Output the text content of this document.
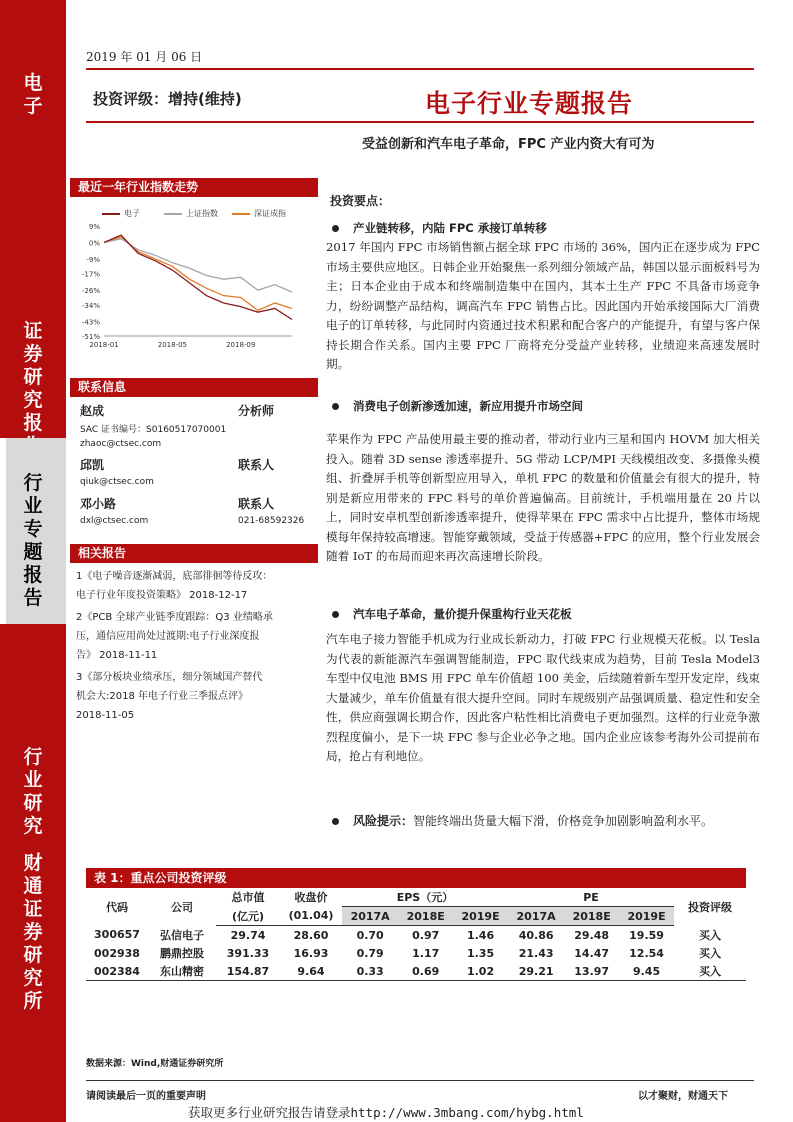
电
子
证
券
研
究
报
行
业
专
题
报
告
行
业
研
究
财
通
证
券
研
究
所
2019 年 01 月 06 日
投资评级：增持(维持)	电子行业专题报告
受益创新和汽车电子革命，FPC 产业内资大有可为
最近一年行业指数走势
电子	上证指数	深证成指
9%
0%
-9%
-17%
-26%
-34%
-43%
-51%
2018-01	2018-05	2018-09
联系信息
赵成	分析师
SAC 证书编号：S0160517070001
zhaoc@ctsec.com
邱凯	联系人
qiuk@ctsec.com
邓小路	联系人
dxl@ctsec.com	021-68592326
相关报告
1《电子噪音逐渐减弱，底部徘徊等待反攻：
电子行业年度投资策略》 2018-12-17
2《PCB 全球产业链季度跟踪：Q3 业绩略承
压，通信应用尚处过渡期:电子行业深度报
告》 2018-11-11
3《部分板块业绩承压，细分领域国产替代
机会大:2018 年电子行业三季报点评》
2018-11-05
投资要点：
产业链转移，内陆 FPC 承接订单转移
2017 年国内 FPC 市场销售额占据全球 FPC 市场的 36%，国内正在逐步成为 FPC 市场主要供应地区。日韩企业开始聚焦一系列细分领域产品，韩国以显示面板料号为主；日本企业由于成本和终端制造集中在国内，其本土生产 FPC 不具备市场竞争力，纷纷调整产品结构，调高汽车 FPC 销售占比。因此国内开始承接国际大厂消费电子的订单转移，与此同时内资通过技术积累和配合客户的产能提升，有望与客户保持长期合作关系。国内主要 FPC 厂商将充分受益产业转移，业绩迎来高速发展时期。
消费电子创新渗透加速，新应用提升市场空间
苹果作为 FPC 产品使用最主要的推动者，带动行业内三星和国内 HOVM 加大相关投入。随着 3D sense 渗透率提升、5G 带动 LCP/MPI 天线模组改变、多摄像头模组、折叠屏手机等创新型应用导入，单机 FPC 的数量和价值量会有很大的提升，特别是新应用带来的 FPC 料号的单价普遍偏高。目前统计，手机端用量在 20 片以上，同时安卓机型创新渗透率提升，使得苹果在 FPC 需求中占比提升，整体市场规模每年保持较高增速。智能穿戴领域，受益于传感器+FPC 的应用，整个行业发展会随着 IoT 的布局而迎来再次高速增长阶段。
汽车电子革命，量价提升保重构行业天花板
汽车电子接力智能手机成为行业成长新动力，打破 FPC 行业规模天花板。以 Tesla 为代表的新能源汽车强调智能制造，FPC 取代线束成为趋势，目前 Tesla Model3 车型中仅电池 BMS 用 FPC 单车价值超 100 美金，后续随着新车型开发定岸，线束大量减少，单车价值量有很大提升空间。同时车规级别产品强调质量、稳定性和安全性，供应商强调长期合作，因此客户粘性相比消费电子更加强烈。这样的行业竞争激烈程度偏小，是下一块 FPC 参与企业必争之地。国内企业应该参考海外公司提前布局，抢占有利地位。
风险提示：智能终端出货量大幅下滑，价格竞争加剧影响盈利水平。
表 1：重点公司投资评级
代码	公司	总市值	收盘价	EPS（元）			PE			投资评级
		(亿元)	(01.04)	2017A	2018E	2019E	2017A	2018E	2019E	
300657	弘信电子	29.74	28.60	0.70	0.97	1.46	40.86	29.48	19.59	买入
002938	鹏鼎控股	391.33	16.93	0.79	1.17	1.35	21.43	14.47	12.54	买入
002384	东山精密	154.87	9.64	0.33	0.69	1.02	29.21	13.97	9.45	买入
数据来源：Wind,财通证券研究所
请阅读最后一页的重要声明	以才聚财，财通天下
获取更多行业研究报告请登录http://www.3mbang.com/hybg.html
